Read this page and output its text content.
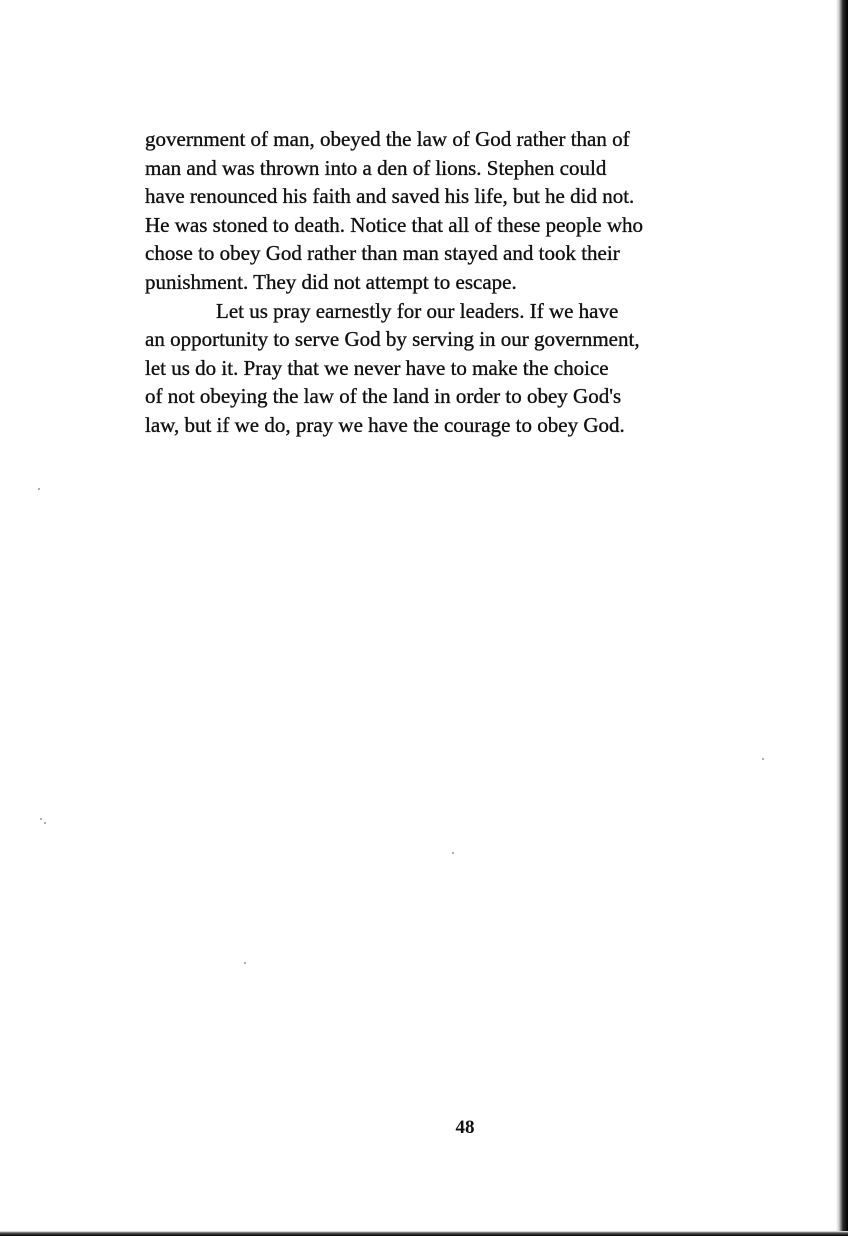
government of man, obeyed the law of God rather than of
man and was thrown into a den of lions. Stephen could
have renounced his faith and saved his life, but he did not.
He was stoned to death. Notice that all of these people who
chose to obey God rather than man stayed and took their
punishment. They did not attempt to escape.
Let us pray earnestly for our leaders. If we have
an opportunity to serve God by serving in our government,
let us do it. Pray that we never have to make the choice
of not obeying the law of the land in order to obey God's
law, but if we do, pray we have the courage to obey God.
48
